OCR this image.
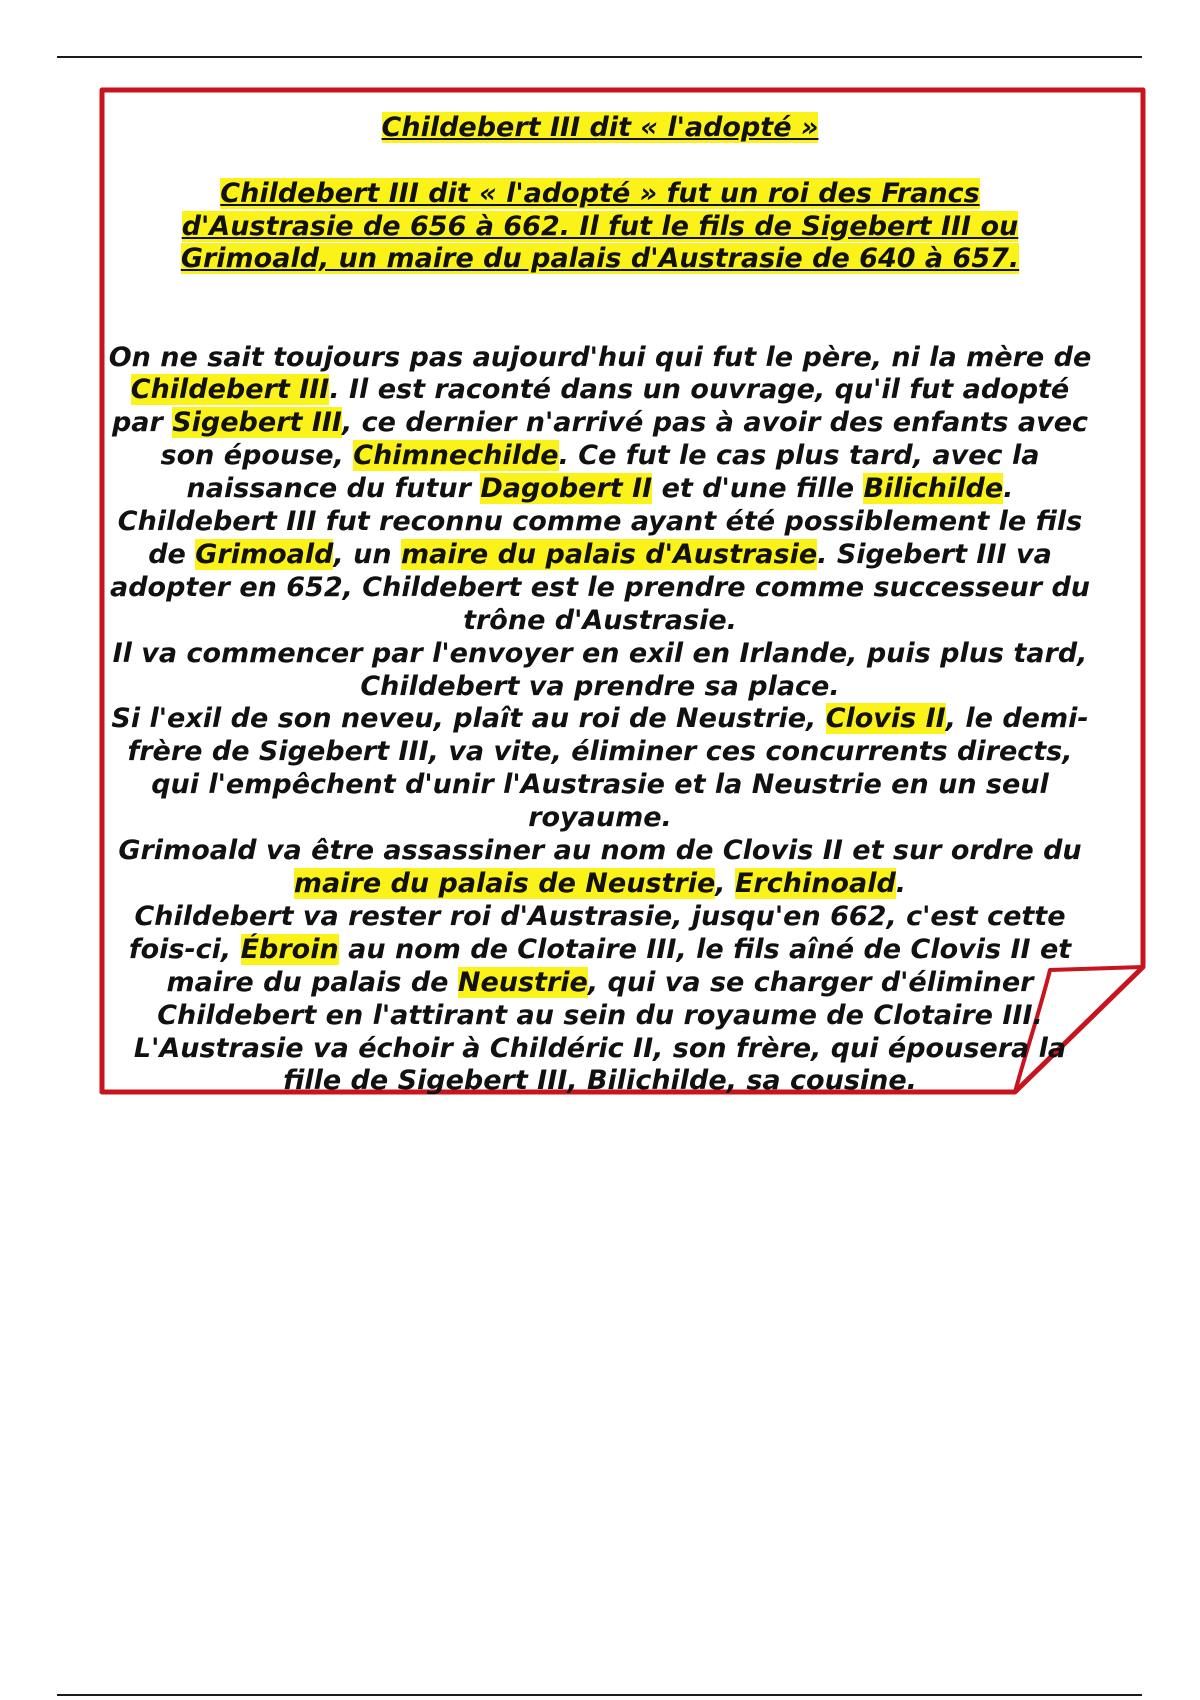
Childebert III dit « l'adopté »

Childebert III dit « l'adopté » fut un roi des Francs d'Austrasie de 656 à 662. Il fut le fils de Sigebert III ou Grimoald, un maire du palais d'Austrasie de 640 à 657.

On ne sait toujours pas aujourd'hui qui fut le père, ni la mère de Childebert III. Il est raconté dans un ouvrage, qu'il fut adopté par Sigebert III, ce dernier n'arrivé pas à avoir des enfants avec son épouse, Chimnechilde. Ce fut le cas plus tard, avec la naissance du futur Dagobert II et d'une fille Bilichilde.
Childebert III fut reconnu comme ayant été possiblement le fils de Grimoald, un maire du palais d'Austrasie. Sigebert III va adopter en 652, Childebert est le prendre comme successeur du trône d'Austrasie.
Il va commencer par l'envoyer en exil en Irlande, puis plus tard, Childebert va prendre sa place.
Si l'exil de son neveu, plaît au roi de Neustrie, Clovis II, le demi-frère de Sigebert III, va vite, éliminer ces concurrents directs, qui l'empêchent d'unir l'Austrasie et la Neustrie en un seul royaume.
Grimoald va être assassiner au nom de Clovis II et sur ordre du maire du palais de Neustrie, Erchinoald.
Childebert va rester roi d'Austrasie, jusqu'en 662, c'est cette fois-ci, Ébroin au nom de Clotaire III, le fils aîné de Clovis II et maire du palais de Neustrie, qui va se charger d'éliminer Childebert en l'attirant au sein du royaume de Clotaire III. L'Austrasie va échoir à Childéric II, son frère, qui épousera la fille de Sigebert III, Bilichilde, sa cousine.
